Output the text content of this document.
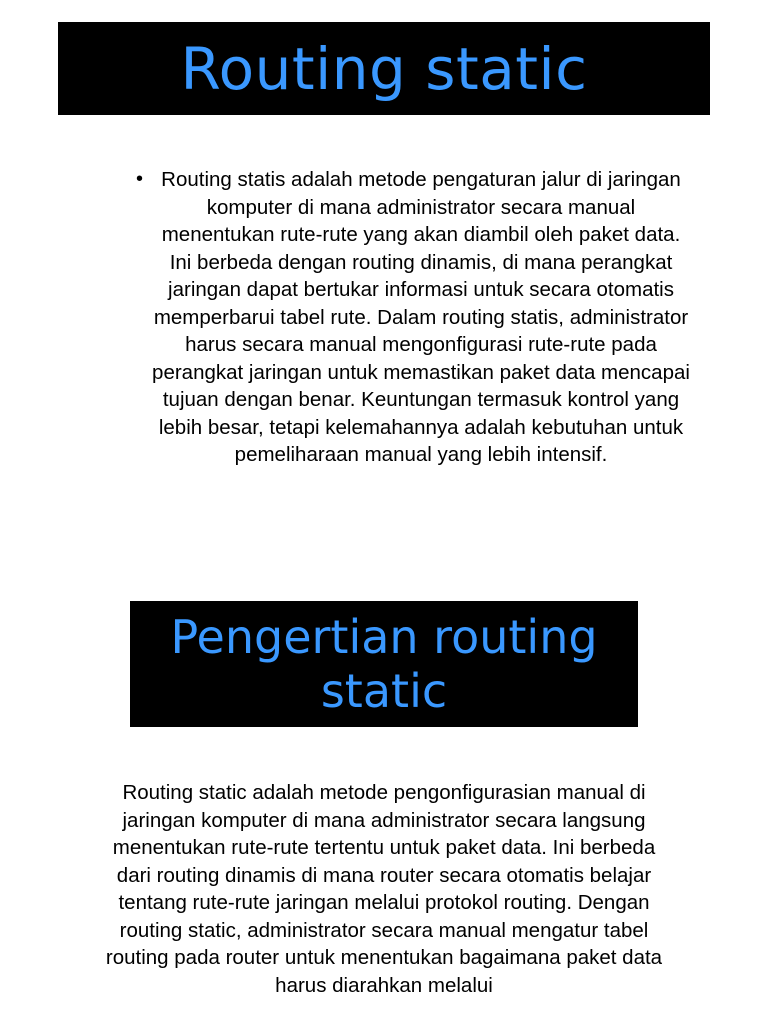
Routing static
• Routing statis adalah metode pengaturan jalur di jaringan komputer di mana administrator secara manual menentukan rute-rute yang akan diambil oleh paket data. Ini berbeda dengan routing dinamis, di mana perangkat jaringan dapat bertukar informasi untuk secara otomatis memperbarui tabel rute. Dalam routing statis, administrator harus secara manual mengonfigurasi rute-rute pada perangkat jaringan untuk memastikan paket data mencapai tujuan dengan benar. Keuntungan termasuk kontrol yang lebih besar, tetapi kelemahannya adalah kebutuhan untuk pemeliharaan manual yang lebih intensif.
Pengertian routing static
Routing static adalah metode pengonfigurasian manual di jaringan komputer di mana administrator secara langsung menentukan rute-rute tertentu untuk paket data. Ini berbeda dari routing dinamis di mana router secara otomatis belajar tentang rute-rute jaringan melalui protokol routing. Dengan routing static, administrator secara manual mengatur tabel routing pada router untuk menentukan bagaimana paket data harus diarahkan melalui
